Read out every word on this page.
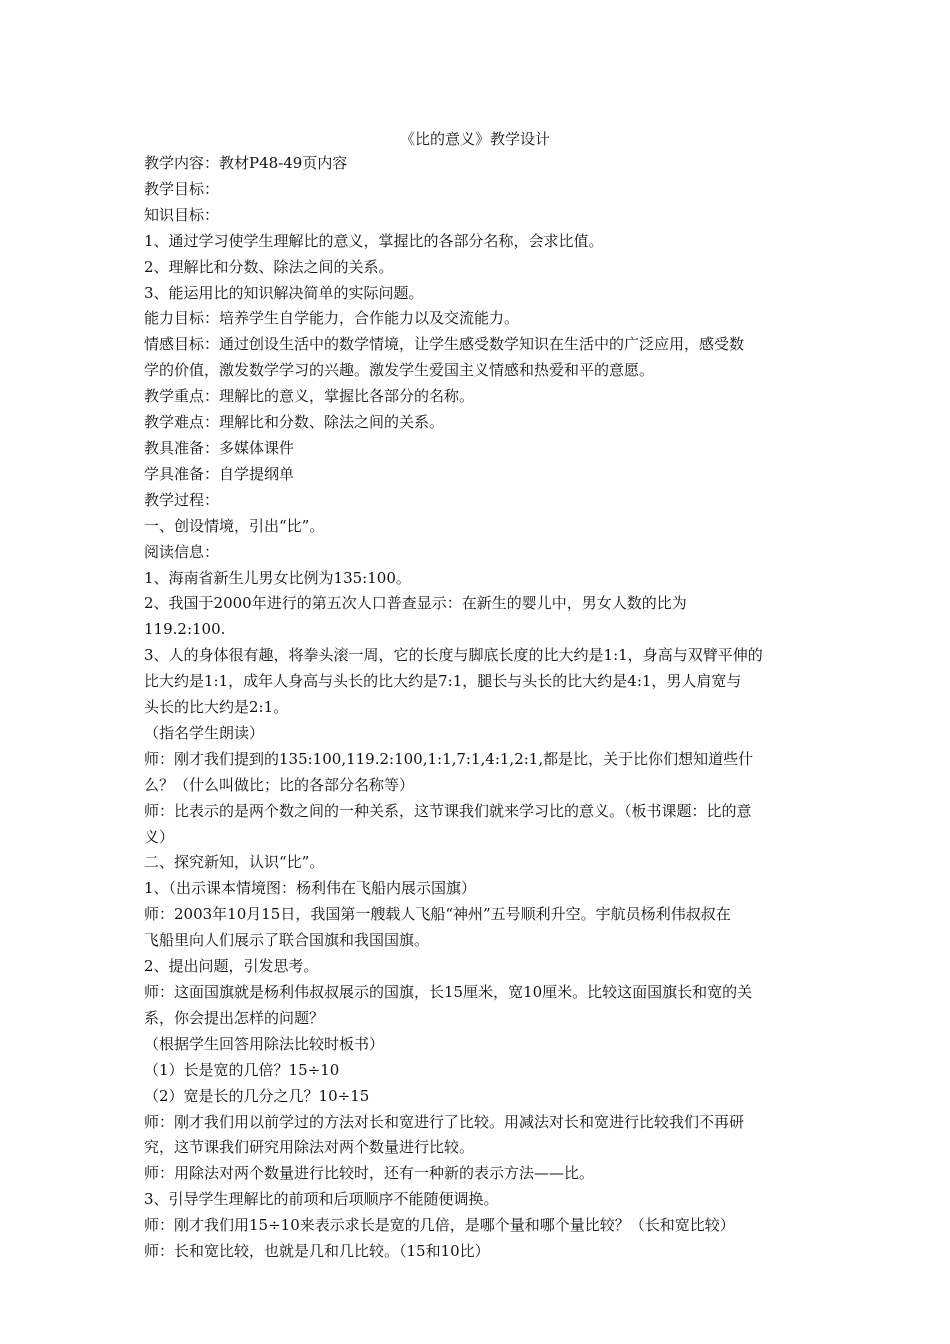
《比的意义》教学设计

教学内容：教材P48-49页内容

教学目标：

知识目标：

1、通过学习使学生理解比的意义，掌握比的各部分名称，会求比值。

2、理解比和分数、除法之间的关系。

3、能运用比的知识解决简单的实际问题。

能力目标：培养学生自学能力，合作能力以及交流能力。

情感目标：通过创设生活中的数学情境，让学生感受数学知识在生活中的广泛应用，感受数

学的价值，激发数学学习的兴趣。激发学生爱国主义情感和热爱和平的意愿。

教学重点：理解比的意义，掌握比各部分的名称。

教学难点：理解比和分数、除法之间的关系。

教具准备：多媒体课件

学具准备：自学提纲单

教学过程：

一、创设情境，引出“比”。

阅读信息：

1、海南省新生儿男女比例为135:100。

2、我国于2000年进行的第五次人口普查显示：在新生的婴儿中，男女人数的比为

119.2:100.

3、人的身体很有趣，将拳头滚一周，它的长度与脚底长度的比大约是1:1，身高与双臂平伸的

比大约是1:1，成年人身高与头长的比大约是7:1，腿长与头长的比大约是4:1，男人肩宽与

头长的比大约是2:1。

（指名学生朗读）

师：刚才我们提到的135:100,119.2:100,1:1,7:1,4:1,2:1,都是比，关于比你们想知道些什

么？（什么叫做比；比的各部分名称等）

师：比表示的是两个数之间的一种关系，这节课我们就来学习比的意义。（板书课题：比的意

义）

二、探究新知，认识“比”。

1、（出示课本情境图：杨利伟在飞船内展示国旗）

师：2003年10月15日，我国第一艘载人飞船“神州”五号顺利升空。宇航员杨利伟叔叔在

飞船里向人们展示了联合国旗和我国国旗。

2、提出问题，引发思考。

师：这面国旗就是杨利伟叔叔展示的国旗，长15厘米，宽10厘米。比较这面国旗长和宽的关

系，你会提出怎样的问题？

（根据学生回答用除法比较时板书）

（1）长是宽的几倍？15÷10

（2）宽是长的几分之几？10÷15

师：刚才我们用以前学过的方法对长和宽进行了比较。用减法对长和宽进行比较我们不再研

究，这节课我们研究用除法对两个数量进行比较。

师：用除法对两个数量进行比较时，还有一种新的表示方法——比。

3、引导学生理解比的前项和后项顺序不能随便调换。

师：刚才我们用15÷10来表示求长是宽的几倍，是哪个量和哪个量比较？（长和宽比较）

师：长和宽比较，也就是几和几比较。（15和10比）
